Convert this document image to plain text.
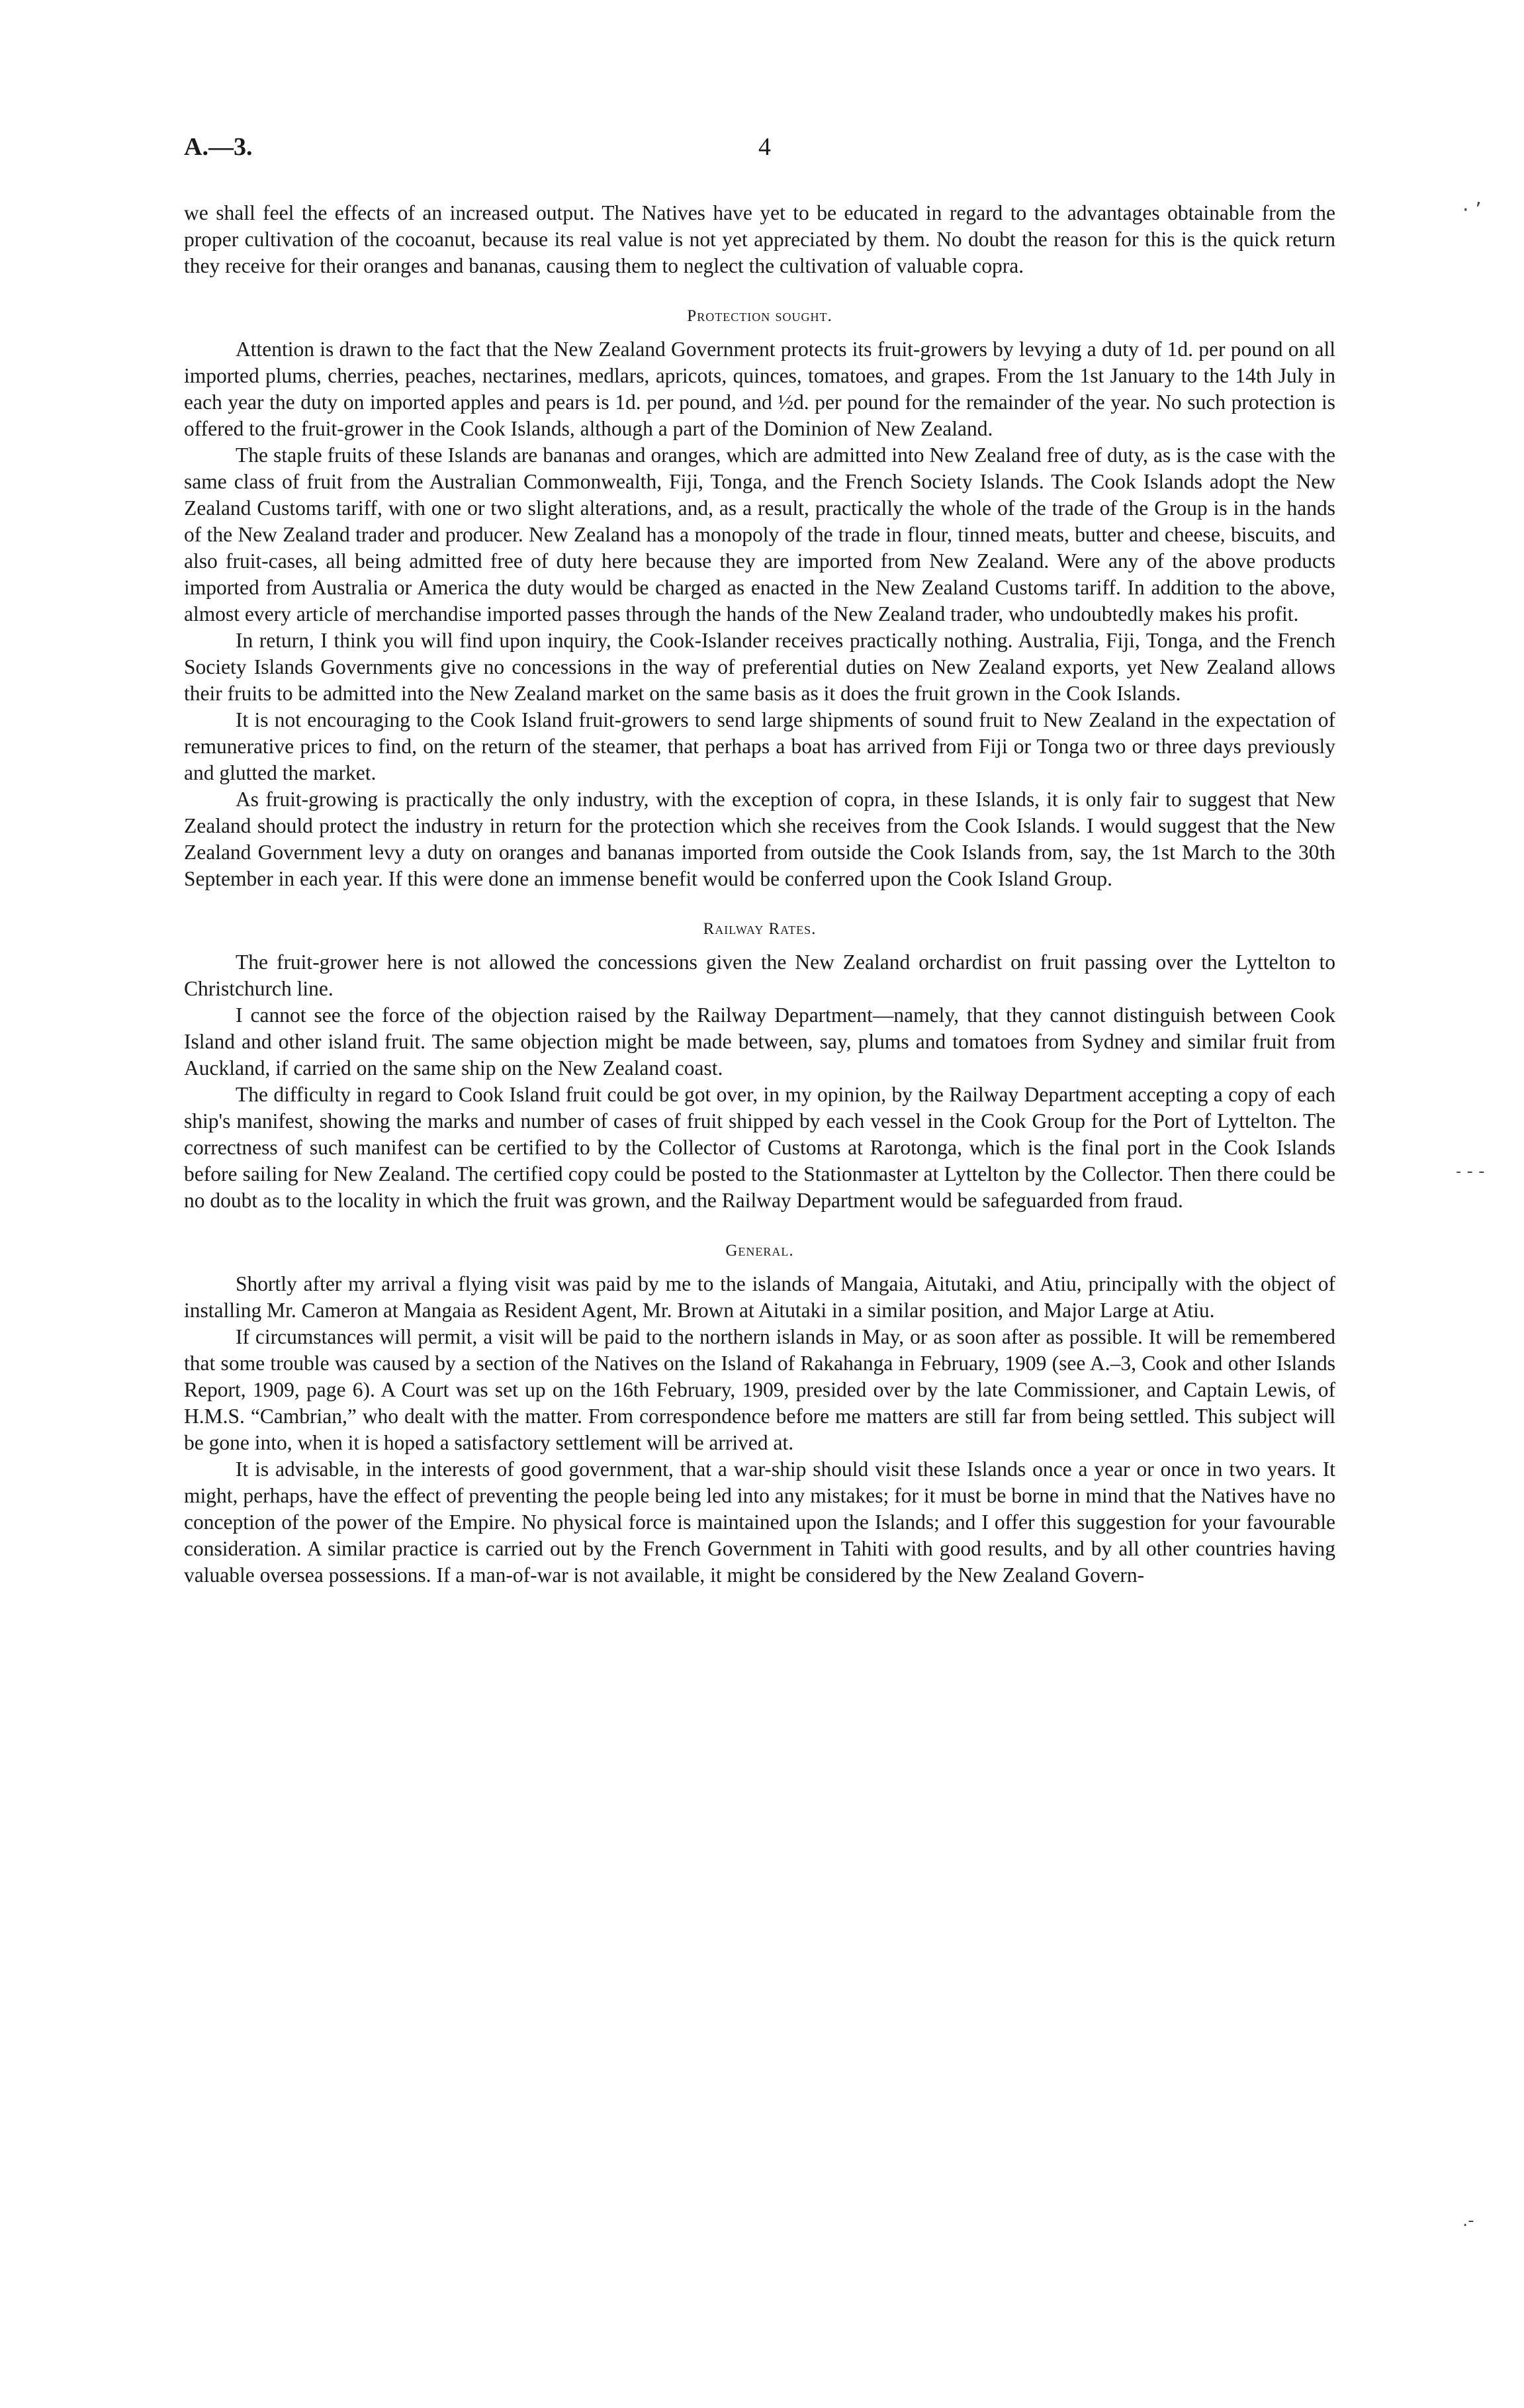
A.—3.	4

we shall feel the effects of an increased output. The Natives have yet to be educated in regard to the advantages obtainable from the proper cultivation of the cocoanut, because its real value is not yet appreciated by them. No doubt the reason for this is the quick return they receive for their oranges and bananas, causing them to neglect the cultivation of valuable copra.

Protection sought.

Attention is drawn to the fact that the New Zealand Government protects its fruit-growers by levying a duty of 1d. per pound on all imported plums, cherries, peaches, nectarines, medlars, apricots, quinces, tomatoes, and grapes. From the 1st January to the 14th July in each year the duty on imported apples and pears is 1d. per pound, and ½d. per pound for the remainder of the year. No such protection is offered to the fruit-grower in the Cook Islands, although a part of the Dominion of New Zealand.

The staple fruits of these Islands are bananas and oranges, which are admitted into New Zealand free of duty, as is the case with the same class of fruit from the Australian Commonwealth, Fiji, Tonga, and the French Society Islands. The Cook Islands adopt the New Zealand Customs tariff, with one or two slight alterations, and, as a result, practically the whole of the trade of the Group is in the hands of the New Zealand trader and producer. New Zealand has a monopoly of the trade in flour, tinned meats, butter and cheese, biscuits, and also fruit-cases, all being admitted free of duty here because they are imported from New Zealand. Were any of the above products imported from Australia or America the duty would be charged as enacted in the New Zealand Customs tariff. In addition to the above, almost every article of merchandise imported passes through the hands of the New Zealand trader, who undoubtedly makes his profit.

In return, I think you will find upon inquiry, the Cook-Islander receives practically nothing. Australia, Fiji, Tonga, and the French Society Islands Governments give no concessions in the way of preferential duties on New Zealand exports, yet New Zealand allows their fruits to be admitted into the New Zealand market on the same basis as it does the fruit grown in the Cook Islands.

It is not encouraging to the Cook Island fruit-growers to send large shipments of sound fruit to New Zealand in the expectation of remunerative prices to find, on the return of the steamer, that perhaps a boat has arrived from Fiji or Tonga two or three days previously and glutted the market.

As fruit-growing is practically the only industry, with the exception of copra, in these Islands, it is only fair to suggest that New Zealand should protect the industry in return for the protection which she receives from the Cook Islands. I would suggest that the New Zealand Government levy a duty on oranges and bananas imported from outside the Cook Islands from, say, the 1st March to the 30th September in each year. If this were done an immense benefit would be conferred upon the Cook Island Group.

Railway Rates.

The fruit-grower here is not allowed the concessions given the New Zealand orchardist on fruit passing over the Lyttelton to Christchurch line.

I cannot see the force of the objection raised by the Railway Department—namely, that they cannot distinguish between Cook Island and other island fruit. The same objection might be made between, say, plums and tomatoes from Sydney and similar fruit from Auckland, if carried on the same ship on the New Zealand coast.

The difficulty in regard to Cook Island fruit could be got over, in my opinion, by the Railway Department accepting a copy of each ship's manifest, showing the marks and number of cases of fruit shipped by each vessel in the Cook Group for the Port of Lyttelton. The correctness of such manifest can be certified to by the Collector of Customs at Rarotonga, which is the final port in the Cook Islands before sailing for New Zealand. The certified copy could be posted to the Stationmaster at Lyttelton by the Collector. Then there could be no doubt as to the locality in which the fruit was grown, and the Railway Department would be safeguarded from fraud.

General.

Shortly after my arrival a flying visit was paid by me to the islands of Mangaia, Aitutaki, and Atiu, principally with the object of installing Mr. Cameron at Mangaia as Resident Agent, Mr. Brown at Aitutaki in a similar position, and Major Large at Atiu.

If circumstances will permit, a visit will be paid to the northern islands in May, or as soon after as possible. It will be remembered that some trouble was caused by a section of the Natives on the Island of Rakahanga in February, 1909 (see A.–3, Cook and other Islands Report, 1909, page 6). A Court was set up on the 16th February, 1909, presided over by the late Commissioner, and Captain Lewis, of H.M.S. “Cambrian,” who dealt with the matter. From correspondence before me matters are still far from being settled. This subject will be gone into, when it is hoped a satisfactory settlement will be arrived at.

It is advisable, in the interests of good government, that a war-ship should visit these Islands once a year or once in two years. It might, perhaps, have the effect of preventing the people being led into any mistakes; for it must be borne in mind that the Natives have no conception of the power of the Empire. No physical force is maintained upon the Islands; and I offer this suggestion for your favourable consideration. A similar practice is carried out by the French Government in Tahiti with good results, and by all other countries having valuable oversea possessions. If a man-of-war is not available, it might be considered by the New Zealand Govern-

· ʼ
˗ - -
.-
